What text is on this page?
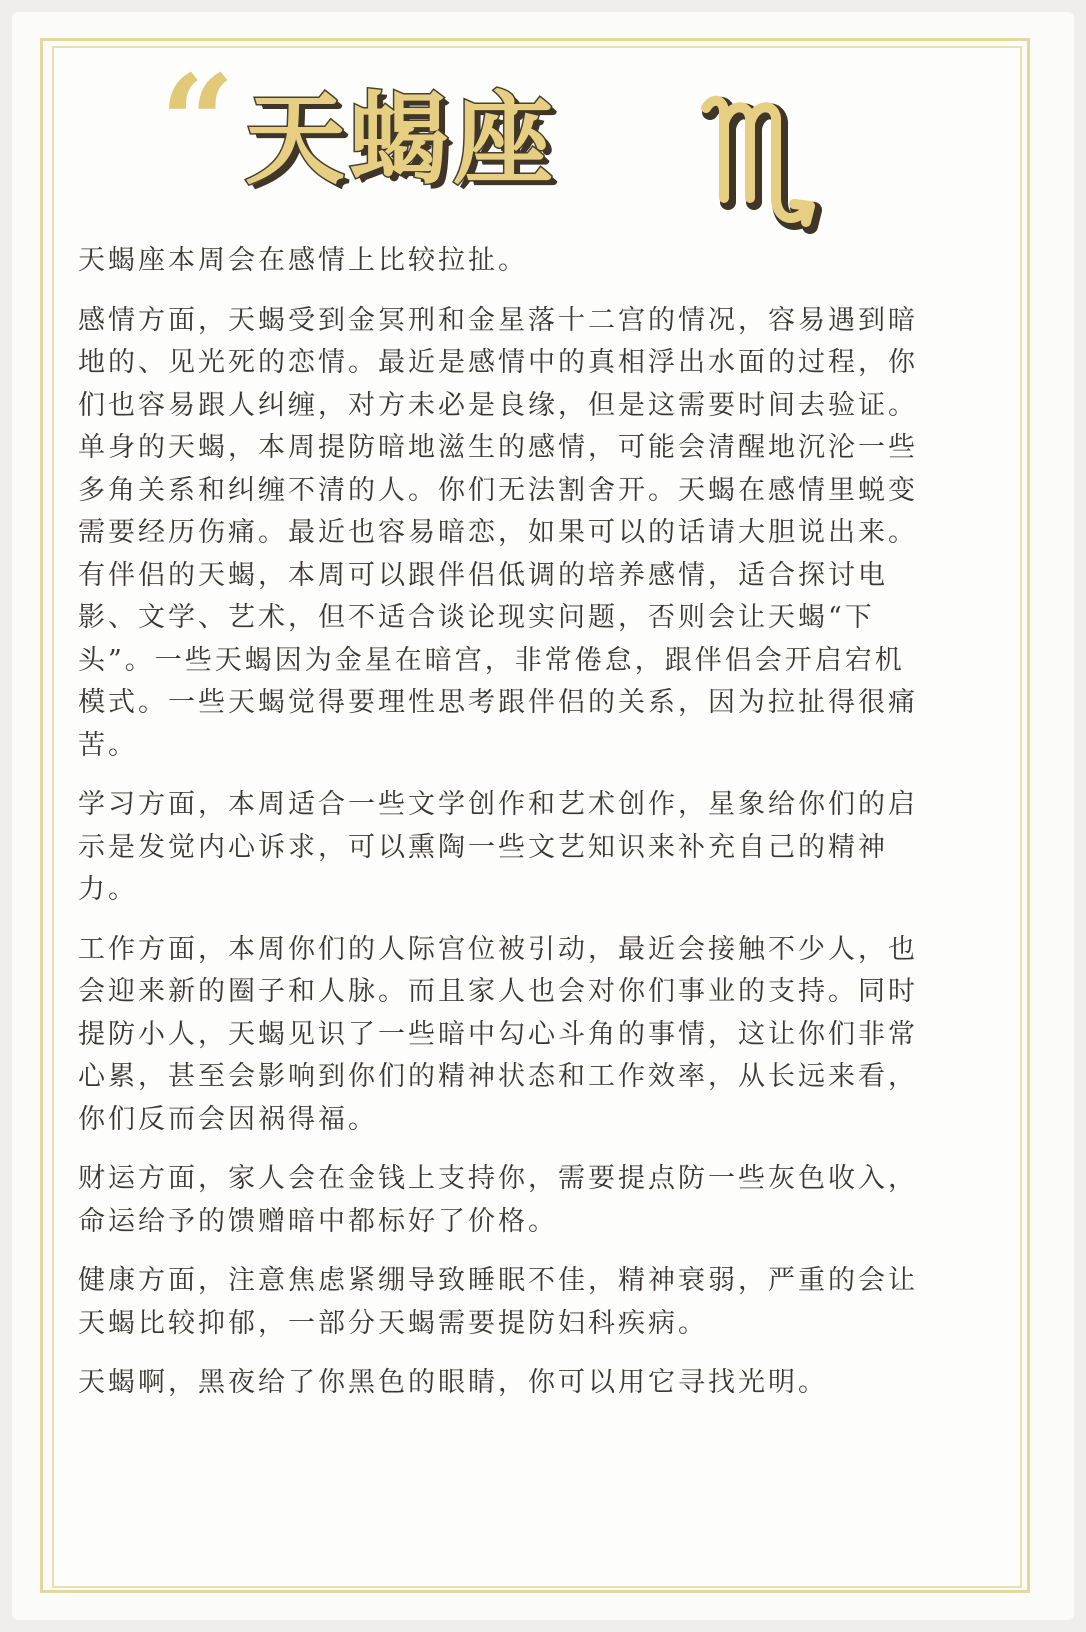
“ 天蝎座

天蝎座本周会在感情上比较拉扯。

感情方面，天蝎受到金冥刑和金星落十二宫的情况，容易遇到暗地的、见光死的恋情。最近是感情中的真相浮出水面的过程，你们也容易跟人纠缠，对方未必是良缘，但是这需要时间去验证。单身的天蝎，本周提防暗地滋生的感情，可能会清醒地沉沦一些多角关系和纠缠不清的人。你们无法割舍开。天蝎在感情里蜕变需要经历伤痛。最近也容易暗恋，如果可以的话请大胆说出来。有伴侣的天蝎，本周可以跟伴侣低调的培养感情，适合探讨电影、文学、艺术，但不适合谈论现实问题，否则会让天蝎“下头”。一些天蝎因为金星在暗宫，非常倦怠，跟伴侣会开启宕机模式。一些天蝎觉得要理性思考跟伴侣的关系，因为拉扯得很痛苦。

学习方面，本周适合一些文学创作和艺术创作，星象给你们的启示是发觉内心诉求，可以熏陶一些文艺知识来补充自己的精神力。

工作方面，本周你们的人际宫位被引动，最近会接触不少人，也会迎来新的圈子和人脉。而且家人也会对你们事业的支持。同时提防小人，天蝎见识了一些暗中勾心斗角的事情，这让你们非常心累，甚至会影响到你们的精神状态和工作效率，从长远来看，你们反而会因祸得福。

财运方面，家人会在金钱上支持你，需要提点防一些灰色收入，命运给予的馈赠暗中都标好了价格。

健康方面，注意焦虑紧绷导致睡眠不佳，精神衰弱，严重的会让天蝎比较抑郁，一部分天蝎需要提防妇科疾病。

天蝎啊，黑夜给了你黑色的眼睛，你可以用它寻找光明。
